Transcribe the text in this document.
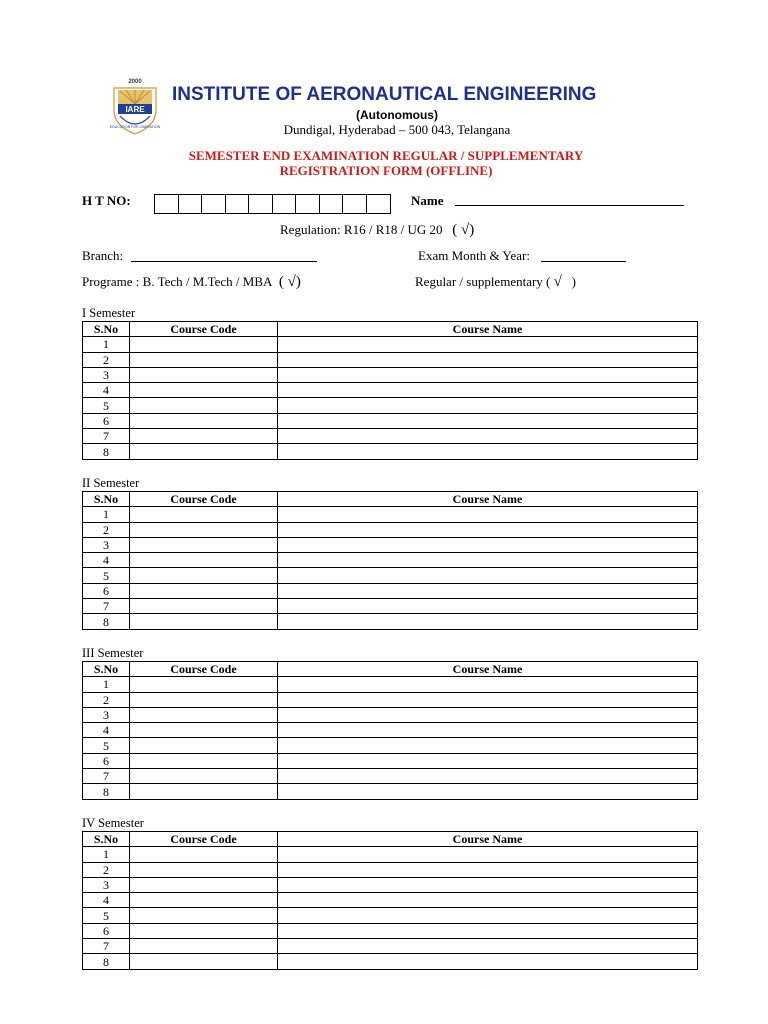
2000
IARE
EDUCATION FOR LIBERATION
INSTITUTE OF AERONAUTICAL ENGINEERING
(Autonomous)
Dundigal, Hyderabad – 500 043, Telangana
SEMESTER END EXAMINATION REGULAR / SUPPLEMENTARY
REGISTRATION FORM (OFFLINE)
H T NO:	Name
Regulation: R16 / R18 / UG 20 ( √)
Branch:	Exam Month & Year:
Programe : B. Tech / M.Tech / MBA ( √)	Regular / supplementary ( √ )
I Semester
S.No	Course Code	Course Name
1		
2		
3		
4		
5		
6		
7		
8		
II Semester
S.No	Course Code	Course Name
1		
2		
3		
4		
5		
6		
7		
8		
III Semester
S.No	Course Code	Course Name
1		
2		
3		
4		
5		
6		
7		
8		
IV Semester
S.No	Course Code	Course Name
1		
2		
3		
4		
5		
6		
7		
8		
